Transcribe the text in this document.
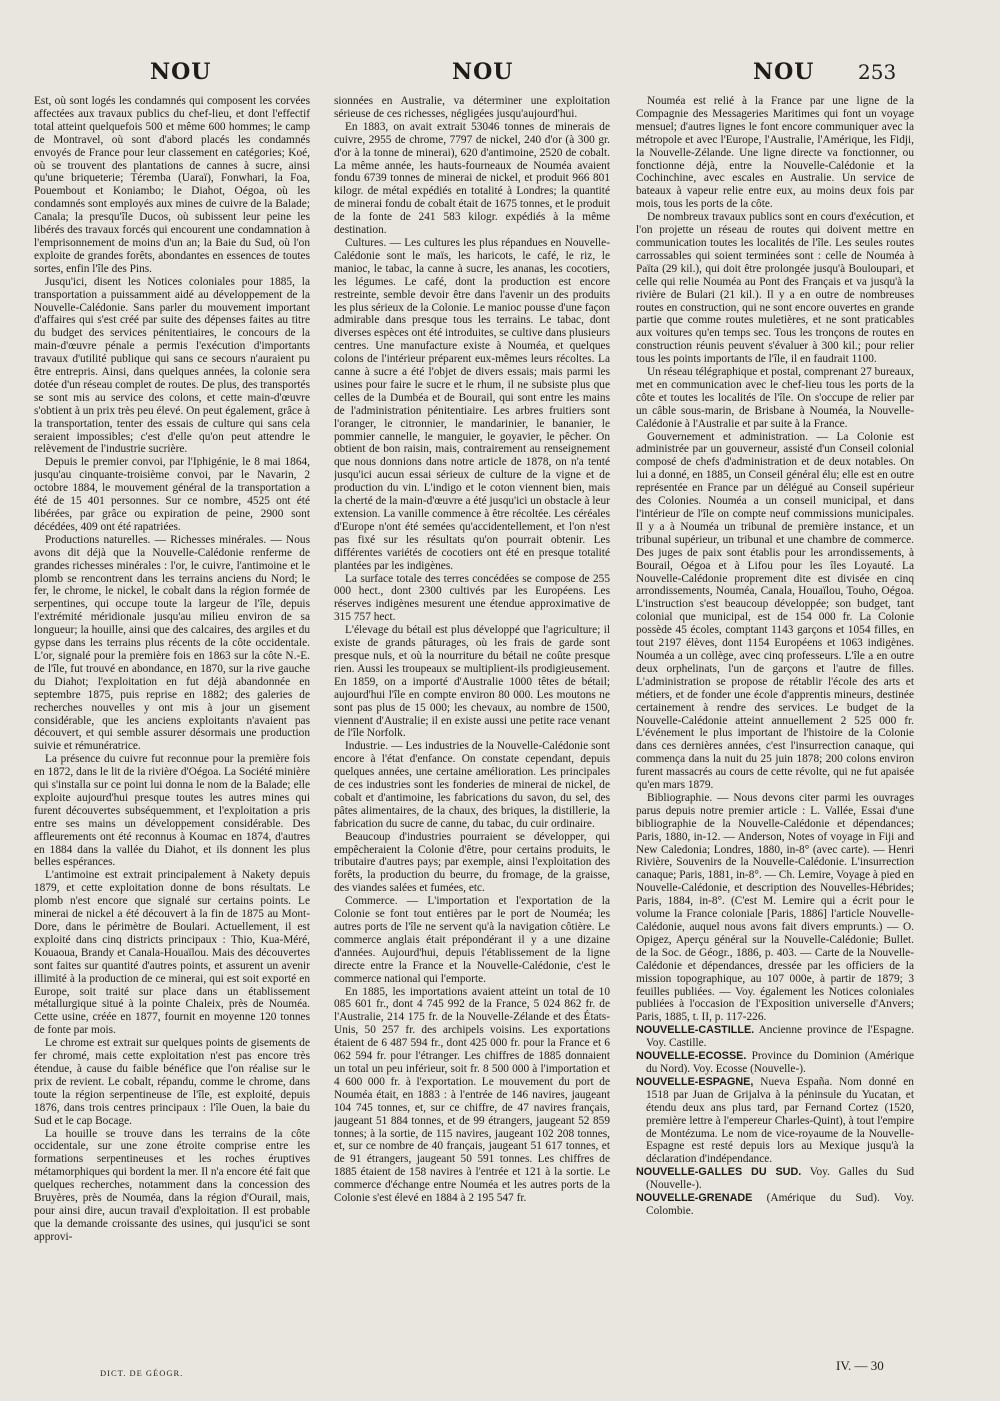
NOU	NOU	NOU	253

Est, où sont logés les condamnés qui composent les corvées affectées aux travaux publics du chef-lieu, et dont l'effectif total atteint quelquefois 500 et même 600 hommes; le camp de Montravel, où sont d'abord placés les condamnés envoyés de France pour leur classement en catégories; Koé, où se trouvent des plantations de cannes à sucre, ainsi qu'une briqueterie; Téremba (Uaraï), Fonwhari, la Foa, Pouembout et Koniambo; le Diahot, Oégoa, où les condamnés sont employés aux mines de cuivre de la Balade; Canala; la presqu'île Ducos, où subissent leur peine les libérés des travaux forcés qui encourent une condamnation à l'emprisonnement de moins d'un an; la Baie du Sud, où l'on exploite de grandes forêts, abondantes en essences de toutes sortes, enfin l'île des Pins.

Jusqu'ici, disent les Notices coloniales pour 1885, la transportation a puissamment aidé au développement de la Nouvelle-Calédonie. Sans parler du mouvement important d'affaires qui s'est créé par suite des dépenses faites au titre du budget des services pénitentiaires, le concours de la main-d'œuvre pénale a permis l'exécution d'importants travaux d'utilité publique qui sans ce secours n'auraient pu être entrepris. Ainsi, dans quelques années, la colonie sera dotée d'un réseau complet de routes. De plus, des transportés se sont mis au service des colons, et cette main-d'œuvre s'obtient à un prix très peu élevé. On peut également, grâce à la transportation, tenter des essais de culture qui sans cela seraient impossibles; c'est d'elle qu'on peut attendre le relèvement de l'industrie sucrière.

Depuis le premier convoi, par l'Iphigénie, le 8 mai 1864, jusqu'au cinquante-troisième convoi, par le Navarin, 2 octobre 1884, le mouvement général de la transportation a été de 15 401 personnes. Sur ce nombre, 4525 ont été libérées, par grâce ou expiration de peine, 2900 sont décédées, 409 ont été rapatriées.

Productions naturelles. — Richesses minérales. — Nous avons dit déjà que la Nouvelle-Calédonie renferme de grandes richesses minérales : l'or, le cuivre, l'antimoine et le plomb se rencontrent dans les terrains anciens du Nord; le fer, le chrome, le nickel, le cobalt dans la région formée de serpentines, qui occupe toute la largeur de l'île, depuis l'extrémité méridionale jusqu'au milieu environ de sa longueur; la houille, ainsi que des calcaires, des argiles et du gypse dans les terrains plus récents de la côte occidentale. L'or, signalé pour la première fois en 1863 sur la côte N.-E. de l'île, fut trouvé en abondance, en 1870, sur la rive gauche du Diahot; l'exploitation en fut déjà abandonnée en septembre 1875, puis reprise en 1882; des galeries de recherches nouvelles y ont mis à jour un gisement considérable, que les anciens exploitants n'avaient pas découvert, et qui semble assurer désormais une production suivie et rémunératrice.

La présence du cuivre fut reconnue pour la première fois en 1872, dans le lit de la rivière d'Oégoa. La Société minière qui s'installa sur ce point lui donna le nom de la Balade; elle exploite aujourd'hui presque toutes les autres mines qui furent découvertes subséquemment, et l'exploitation a pris entre ses mains un développement considérable. Des affleurements ont été reconnus à Koumac en 1874, d'autres en 1884 dans la vallée du Diahot, et ils donnent les plus belles espérances.

L'antimoine est extrait principalement à Nakety depuis 1879, et cette exploitation donne de bons résultats. Le plomb n'est encore que signalé sur certains points. Le minerai de nickel a été découvert à la fin de 1875 au Mont-Dore, dans le périmètre de Boulari. Actuellement, il est exploité dans cinq districts principaux : Thio, Kua-Méré, Kouaoua, Brandy et Canala-Houaïlou. Mais des découvertes sont faites sur quantité d'autres points, et assurent un avenir illimité à la production de ce minerai, qui est soit exporté en Europe, soit traité sur place dans un établissement métallurgique situé à la pointe Chaleix, près de Nouméa. Cette usine, créée en 1877, fournit en moyenne 120 tonnes de fonte par mois.

Le chrome est extrait sur quelques points de gisements de fer chromé, mais cette exploitation n'est pas encore très étendue, à cause du faible bénéfice que l'on réalise sur le prix de revient. Le cobalt, répandu, comme le chrome, dans toute la région serpentineuse de l'île, est exploité, depuis 1876, dans trois centres principaux : l'île Ouen, la baie du Sud et le cap Bocage.

La houille se trouve dans les terrains de la côte occidentale, sur une zone étroite comprise entre les formations serpentineuses et les roches éruptives métamorphiques qui bordent la mer. Il n'a encore été fait que quelques recherches, notamment dans la concession des Bruyères, près de Nouméa, dans la région d'Ourail, mais, pour ainsi dire, aucun travail d'exploitation. Il est probable que la demande croissante des usines, qui jusqu'ici se sont approvi-

sionnées en Australie, va déterminer une exploitation sérieuse de ces richesses, négligées jusqu'aujourd'hui.

En 1883, on avait extrait 53046 tonnes de minerais de cuivre, 2955 de chrome, 7797 de nickel, 240 d'or (à 300 gr. d'or à la tonne de minerai), 620 d'antimoine, 2520 de cobalt. La même année, les hauts-fourneaux de Nouméa avaient fondu 6739 tonnes de minerai de nickel, et produit 966 801 kilogr. de métal expédiés en totalité à Londres; la quantité de minerai fondu de cobalt était de 1675 tonnes, et le produit de la fonte de 241 583 kilogr. expédiés à la même destination.

Cultures. — Les cultures les plus répandues en Nouvelle-Calédonie sont le maïs, les haricots, le café, le riz, le manioc, le tabac, la canne à sucre, les ananas, les cocotiers, les légumes. Le café, dont la production est encore restreinte, semble devoir être dans l'avenir un des produits les plus sérieux de la Colonie. Le manioc pousse d'une façon admirable dans presque tous les terrains. Le tabac, dont diverses espèces ont été introduites, se cultive dans plusieurs centres. Une manufacture existe à Nouméa, et quelques colons de l'intérieur préparent eux-mêmes leurs récoltes. La canne à sucre a été l'objet de divers essais; mais parmi les usines pour faire le sucre et le rhum, il ne subsiste plus que celles de la Dumbéa et de Bourail, qui sont entre les mains de l'administration pénitentiaire. Les arbres fruitiers sont l'oranger, le citronnier, le mandarinier, le bananier, le pommier cannelle, le manguier, le goyavier, le pêcher. On obtient de bon raisin, mais, contrairement au renseignement que nous donnions dans notre article de 1878, on n'a tenté jusqu'ici aucun essai sérieux de culture de la vigne et de production du vin. L'indigo et le coton viennent bien, mais la cherté de la main-d'œuvre a été jusqu'ici un obstacle à leur extension. La vanille commence à être récoltée. Les céréales d'Europe n'ont été semées qu'accidentellement, et l'on n'est pas fixé sur les résultats qu'on pourrait obtenir. Les différentes variétés de cocotiers ont été en presque totalité plantées par les indigènes.

La surface totale des terres concédées se compose de 255 000 hect., dont 2300 cultivés par les Européens. Les réserves indigènes mesurent une étendue approximative de 315 757 hect.

L'élevage du bétail est plus développé que l'agriculture; il existe de grands pâturages, où les frais de garde sont presque nuls, et où la nourriture du bétail ne coûte presque rien. Aussi les troupeaux se multiplient-ils prodigieusement. En 1859, on a importé d'Australie 1000 têtes de bétail; aujourd'hui l'île en compte environ 80 000. Les moutons ne sont pas plus de 15 000; les chevaux, au nombre de 1500, viennent d'Australie; il en existe aussi une petite race venant de l'île Norfolk.

Industrie. — Les industries de la Nouvelle-Calédonie sont encore à l'état d'enfance. On constate cependant, depuis quelques années, une certaine amélioration. Les principales de ces industries sont les fonderies de minerai de nickel, de cobalt et d'antimoine, les fabrications du savon, du sel, des pâtes alimentaires, de la chaux, des briques, la distillerie, la fabrication du sucre de canne, du tabac, du cuir ordinaire.

Beaucoup d'industries pourraient se développer, qui empêcheraient la Colonie d'être, pour certains produits, le tributaire d'autres pays; par exemple, ainsi l'exploitation des forêts, la production du beurre, du fromage, de la graisse, des viandes salées et fumées, etc.

Commerce. — L'importation et l'exportation de la Colonie se font tout entières par le port de Nouméa; les autres ports de l'île ne servent qu'à la navigation côtière. Le commerce anglais était prépondérant il y a une dizaine d'années. Aujourd'hui, depuis l'établissement de la ligne directe entre la France et la Nouvelle-Calédonie, c'est le commerce national qui l'emporte.

En 1885, les importations avaient atteint un total de 10 085 601 fr., dont 4 745 992 de la France, 5 024 862 fr. de l'Australie, 214 175 fr. de la Nouvelle-Zélande et des États-Unis, 50 257 fr. des archipels voisins. Les exportations étaient de 6 487 594 fr., dont 425 000 fr. pour la France et 6 062 594 fr. pour l'étranger. Les chiffres de 1885 donnaient un total un peu inférieur, soit fr. 8 500 000 à l'importation et 4 600 000 fr. à l'exportation. Le mouvement du port de Nouméa était, en 1883 : à l'entrée de 146 navires, jaugeant 104 745 tonnes, et, sur ce chiffre, de 47 navires français, jaugeant 51 884 tonnes, et de 99 étrangers, jaugeant 52 859 tonnes; à la sortie, de 115 navires, jaugeant 102 208 tonnes, et, sur ce nombre de 40 français, jaugeant 51 617 tonnes, et de 91 étrangers, jaugeant 50 591 tonnes. Les chiffres de 1885 étaient de 158 navires à l'entrée et 121 à la sortie. Le commerce d'échange entre Nouméa et les autres ports de la Colonie s'est élevé en 1884 à 2 195 547 fr.

Nouméa est relié à la France par une ligne de la Compagnie des Messageries Maritimes qui font un voyage mensuel; d'autres lignes le font encore communiquer avec la métropole et avec l'Europe, l'Australie, l'Amérique, les Fidji, la Nouvelle-Zélande. Une ligne directe va fonctionner, ou fonctionne déjà, entre la Nouvelle-Calédonie et la Cochinchine, avec escales en Australie. Un service de bateaux à vapeur relie entre eux, au moins deux fois par mois, tous les ports de la côte.

De nombreux travaux publics sont en cours d'exécution, et l'on projette un réseau de routes qui doivent mettre en communication toutes les localités de l'île. Les seules routes carrossables qui soient terminées sont : celle de Nouméa à Païta (29 kil.), qui doit être prolongée jusqu'à Bouloupari, et celle qui relie Nouméa au Pont des Français et va jusqu'à la rivière de Bulari (21 kil.). Il y a en outre de nombreuses routes en construction, qui ne sont encore ouvertes en grande partie que comme routes muletières, et ne sont praticables aux voitures qu'en temps sec. Tous les tronçons de routes en construction réunis peuvent s'évaluer à 300 kil.; pour relier tous les points importants de l'île, il en faudrait 1100.

Un réseau télégraphique et postal, comprenant 27 bureaux, met en communication avec le chef-lieu tous les ports de la côte et toutes les localités de l'île. On s'occupe de relier par un câble sous-marin, de Brisbane à Nouméa, la Nouvelle-Calédonie à l'Australie et par suite à la France.

Gouvernement et administration. — La Colonie est administrée par un gouverneur, assisté d'un Conseil colonial composé de chefs d'administration et de deux notables. On lui a donné, en 1885, un Conseil général élu; elle est en outre représentée en France par un délégué au Conseil supérieur des Colonies. Nouméa a un conseil municipal, et dans l'intérieur de l'île on compte neuf commissions municipales. Il y a à Nouméa un tribunal de première instance, et un tribunal supérieur, un tribunal et une chambre de commerce. Des juges de paix sont établis pour les arrondissements, à Bourail, Oégoa et à Lifou pour les îles Loyauté. La Nouvelle-Calédonie proprement dite est divisée en cinq arrondissements, Nouméa, Canala, Houaïlou, Touho, Oégoa. L'instruction s'est beaucoup développée; son budget, tant colonial que municipal, est de 154 000 fr. La Colonie possède 45 écoles, comptant 1143 garçons et 1054 filles, en tout 2197 élèves, dont 1154 Européens et 1063 indigènes. Nouméa a un collège, avec cinq professeurs. L'île a en outre deux orphelinats, l'un de garçons et l'autre de filles. L'administration se propose de rétablir l'école des arts et métiers, et de fonder une école d'apprentis mineurs, destinée certainement à rendre des services. Le budget de la Nouvelle-Calédonie atteint annuellement 2 525 000 fr. L'événement le plus important de l'histoire de la Colonie dans ces dernières années, c'est l'insurrection canaque, qui commença dans la nuit du 25 juin 1878; 200 colons environ furent massacrés au cours de cette révolte, qui ne fut apaisée qu'en mars 1879.

Bibliographie. — Nous devons citer parmi les ouvrages parus depuis notre premier article : L. Vallée, Essai d'une bibliographie de la Nouvelle-Calédonie et dépendances; Paris, 1880, in-12. — Anderson, Notes of voyage in Fiji and New Caledonia; Londres, 1880, in-8° (avec carte). — Henri Rivière, Souvenirs de la Nouvelle-Calédonie. L'insurrection canaque; Paris, 1881, in-8°. — Ch. Lemire, Voyage à pied en Nouvelle-Calédonie, et description des Nouvelles-Hébrides; Paris, 1884, in-8°. (C'est M. Lemire qui a écrit pour le volume la France coloniale [Paris, 1886] l'article Nouvelle-Calédonie, auquel nous avons fait divers emprunts.) — O. Opigez, Aperçu général sur la Nouvelle-Calédonie; Bullet. de la Soc. de Géogr., 1886, p. 403. — Carte de la Nouvelle-Calédonie et dépendances, dressée par les officiers de la mission topographique, au 107 000e, à partir de 1879; 3 feuilles publiées. — Voy. également les Notices coloniales publiées à l'occasion de l'Exposition universelle d'Anvers; Paris, 1885, t. II, p. 117-226.

NOUVELLE-CASTILLE. Ancienne province de l'Espagne. Voy. Castille.

NOUVELLE-ECOSSE. Province du Dominion (Amérique du Nord). Voy. Ecosse (Nouvelle-).

NOUVELLE-ESPAGNE, Nueva España. Nom donné en 1518 par Juan de Grijalva à la péninsule du Yucatan, et étendu deux ans plus tard, par Fernand Cortez (1520, première lettre à l'empereur Charles-Quint), à tout l'empire de Montézuma. Le nom de vice-royaume de la Nouvelle-Espagne est resté depuis lors au Mexique jusqu'à la déclaration d'indépendance.

NOUVELLE-GALLES DU SUD. Voy. Galles du Sud (Nouvelle-).

NOUVELLE-GRENADE (Amérique du Sud). Voy. Colombie.

DICT. DE GÉOGR.	IV. — 30
